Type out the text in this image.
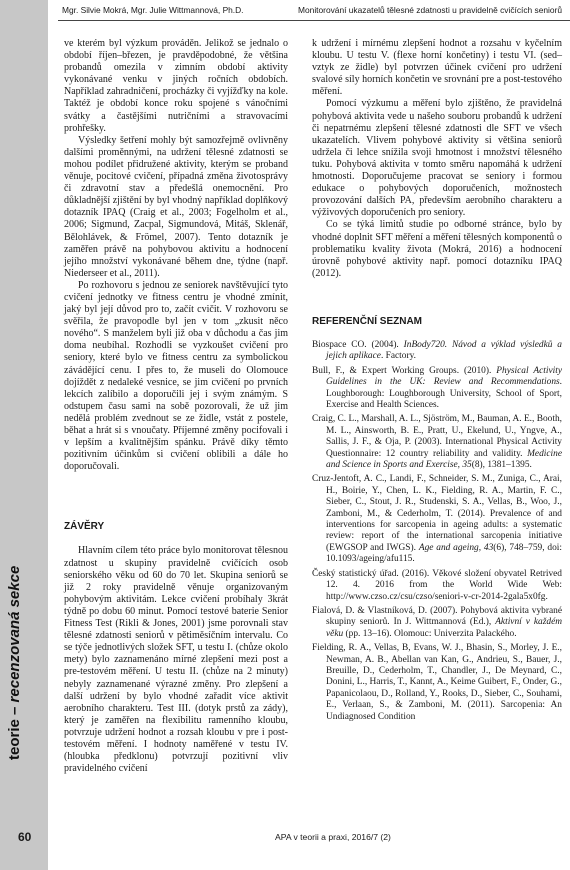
Mgr. Silvie Mokrá, Mgr. Julie Wittmannová, Ph.D.	Monitorování ukazatelů tělesné zdatnosti u pravidelně cvičících seniorů
teorie – recenzovaná sekce
60	APA v teorii a praxi, 2016/7 (2)

ve kterém byl výzkum prováděn. Jelikož se jednalo o období říjen–březen, je pravděpodobné, že většina probandů omezila v zimním období aktivity vykonávané venku v jiných ročních obdobích. Například zahradničení, procházky či vyjížďky na kole. Taktéž je období konce roku spojené s vánočními svátky a častějšími nutričními a stravovacími prohřešky.

Výsledky šetření mohly být samozřejmě ovlivněny dalšími proměnnými, na udržení tělesné zdatnosti se mohou podílet přidružené aktivity, kterým se proband věnuje, pocitové cvičení, případná změna životosprávy či zdravotní stav a předešlá onemocnění. Pro důkladnější zjištění by byl vhodný například doplňkový dotazník IPAQ (Craig et al., 2003; Fogelholm et al., 2006; Sigmund, Zacpal, Sigmundová, Mitáš, Sklenář, Bělohlávek, & Frömel, 2007). Tento dotazník je zaměřen právě na pohybovou aktivitu a hodnocení jejího množství vykonávané během dne, týdne (např. Niederseer et al., 2011).

Po rozhovoru s jednou ze seniorek navštěvující tyto cvičení jednotky ve fitness centru je vhodné zmínit, jaký byl její důvod pro to, začít cvičit. V rozhovoru se svěřila, že pravopodle byl jen v tom „zkusit něco nového“. S manželem byli již oba v důchodu a čas jim doma neubíhal. Rozhodli se vyzkoušet cvičení pro seniory, které bylo ve fitness centru za symbolickou závádějící cenu. I přes to, že museli do Olomouce dojíždět z nedaleké vesnice, se jim cvičení po prvních lekcích zalíbilo a doporučili jej i svým známým. S odstupem času sami na sobě pozorovali, že už jim nedělá problém zvednout se ze židle, vstát z postele, běhat a hrát si s vnoučaty. Příjemné změny pocifovali i v lepším a kvalitnějším spánku. Právě díky těmto pozitivním účinkům si cvičení oblibili a dále ho doporučovali.

ZÁVĚRY

Hlavním cílem této práce bylo monitorovat tělesnou zdatnost u skupiny pravidelně cvičících osob seniorského věku od 60 do 70 let. Skupina seniorů se již 2 roky pravidelně věnuje organizovaným pohybovým aktivitám. Lekce cvičení probíhaly 3krát týdně po dobu 60 minut. Pomocí testové baterie Senior Fitness Test (Rikli & Jones, 2001) jsme porovnali stav tělesné zdatnosti seniorů v pětiměsíčním intervalu. Co se týče jednotlivých složek SFT, u testu I. (chůze okolo mety) bylo zaznamenáno mírné zlepšení mezi post a pre-testovém měření. U testu II. (chůze na 2 minuty) nebyly zaznamenané výrazné změny. Pro zlepšení a další udržení by bylo vhodné zařadit více aktivit aerobního charakteru. Test III. (dotyk prstů za zády), který je zaměřen na flexibilitu ramenního kloubu, potvrzuje udržení hodnot a rozsah kloubu v pre i post-testovém měření. I hodnoty naměřené v testu IV. (hloubka předklonu) potvrzují pozitivní vliv pravidelného cvičení

k udržení i mírnému zlepšení hodnot a rozsahu v kyčelním kloubu. U testu V. (flexe horní končetiny) i testu VI. (sed–vztyk ze židle) byl potvrzen účinek cvičení pro udržení svalové síly horních končetin ve srovnání pre a post-testového měření.

Pomocí výzkumu a měření bylo zjištěno, že pravidelná pohybová aktivita vede u našeho souboru probandů k udržení či nepatrnému zlepšení tělesné zdatnosti dle SFT ve všech ukazatelích. Vlivem pohybové aktivity si většina seniorů udržela či lehce snížila svoji hmotnost i množství tělesného tuku. Pohybová aktivita v tomto směru napomáhá k udržení hmotnosti. Doporučujeme pracovat se seniory i formou edukace o pohybových doporučeních, možnostech provozování dalších PA, především aerobního charakteru a výživových doporučeních pro seniory.

Co se týká limitů studie po odborné stránce, bylo by vhodné doplnit SFT měření a měření tělesných komponentů o problematiku kvality života (Mokrá, 2016) a hodnocení úrovně pohybové aktivity např. pomocí dotazníku IPAQ (2012).

REFERENČNÍ SEZNAM
Biospace CO. (2004). InBody720. Návod a výklad výsledků a jejich aplikace. Factory.
Bull, F., & Expert Working Groups. (2010). Physical Activity Guidelines in the UK: Review and Recommendations. Loughborough: Loughborough University, School of Sport, Exercise and Health Sciences.
Craig, C. L., Marshall, A. L., Sjöström, M., Bauman, A. E., Booth, M. L., Ainsworth, B. E., Pratt, U., Ekelund, U., Yngve, A., Sallis, J. F., & Oja, P. (2003). International Physical Activity Questionnaire: 12 country reliability and validity. Medicine and Science in Sports and Exercise, 35(8), 1381–1395.
Cruz-Jentoft, A. C., Landi, F., Schneider, S. M., Zuniga, C., Arai, H., Boirie, Y., Chen, L. K., Fielding, R. A., Martin, F. C., Sieber, C., Stout, J. R., Studenski, S. A., Vellas, B., Woo, J., Zamboni, M., & Cederholm, T. (2014). Prevalence of and interventions for sarcopenia in ageing adults: a systematic review: report of the international sarcopenia initiative (EWGSOP and IWGS). Age and ageing, 43(6), 748–759, doi: 10.1093/ageing/afu115.
Český statistický úřad. (2016). Věkové složení obyvatel Retrived 12. 4. 2016 from the World Wide Web: http://www.czso.cz/csu/czso/seniori-v-cr-2014-2gala5x0fg.
Fialová, D. & Vlastníková, D. (2007). Pohybová aktivita vybrané skupiny seniorů. In J. Wittmannová (Ed.), Aktivní v každém věku (pp. 13–16). Olomouc: Univerzita Palackého.
Fielding, R. A., Vellas, B, Evans, W. J., Bhasin, S., Morley, J. E., Newman, A. B., Abellan van Kan, G., Andrieu, S., Bauer, J., Breuille, D., Cederholm, T., Chandler, J., De Meynard, C., Donini, L., Harris, T., Kannt, A., Keime Guibert, F., Onder, G., Papanicolaou, D., Rolland, Y., Rooks, D., Sieber, C., Souhami, E., Verlaan, S., & Zamboni, M. (2011). Sarcopenia: An Undiagnosed Condition
